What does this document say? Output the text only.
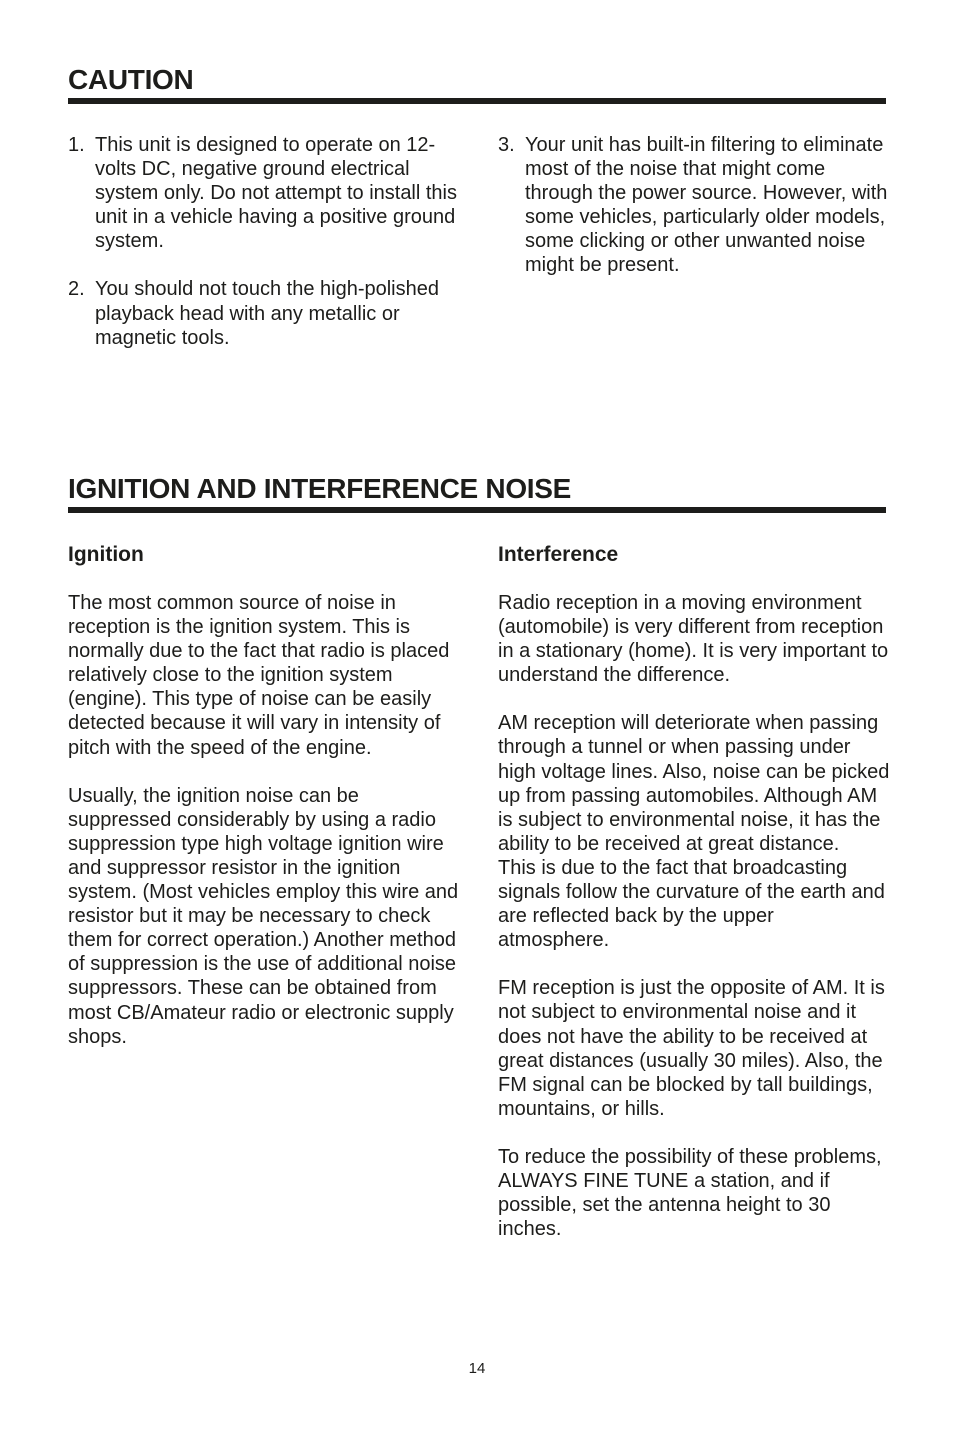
CAUTION
1. This unit is designed to operate on 12-volts DC, negative ground electrical system only. Do not attempt to install this unit in a vehicle having a positive ground system.
2. You should not touch the high-polished playback head with any metallic or magnetic tools.
3. Your unit has built-in filtering to eliminate most of the noise that might come through the power source. However, with some vehicles, particularly older models, some clicking or other unwanted noise might be present.
IGNITION AND INTERFERENCE NOISE
Ignition

The most common source of noise in reception is the ignition system. This is normally due to the fact that radio is placed relatively close to the ignition system (engine). This type of noise can be easily detected because it will vary in intensity of pitch with the speed of the engine.

Usually, the ignition noise can be suppressed considerably by using a radio suppression type high voltage ignition wire and suppressor resistor in the ignition system. (Most vehicles employ this wire and resistor but it may be necessary to check them for correct operation.) Another method of suppression is the use of additional noise suppressors. These can be obtained from most CB/Amateur radio or electronic supply shops.

Interference

Radio reception in a moving environment (automobile) is very different from reception in a stationary (home). It is very important to understand the difference.

AM reception will deteriorate when passing through a tunnel or when passing under high voltage lines. Also, noise can be picked up from passing automobiles. Although AM is subject to environmental noise, it has the ability to be received at great distance.

This is due to the fact that broadcasting signals follow the curvature of the earth and are reflected back by the upper atmosphere.

FM reception is just the opposite of AM. It is not subject to environmental noise and it does not have the ability to be received at great distances (usually 30 miles). Also, the FM signal can be blocked by tall buildings, mountains, or hills.

To reduce the possibility of these problems, ALWAYS FINE TUNE a station, and if possible, set the antenna height to 30 inches.

14
